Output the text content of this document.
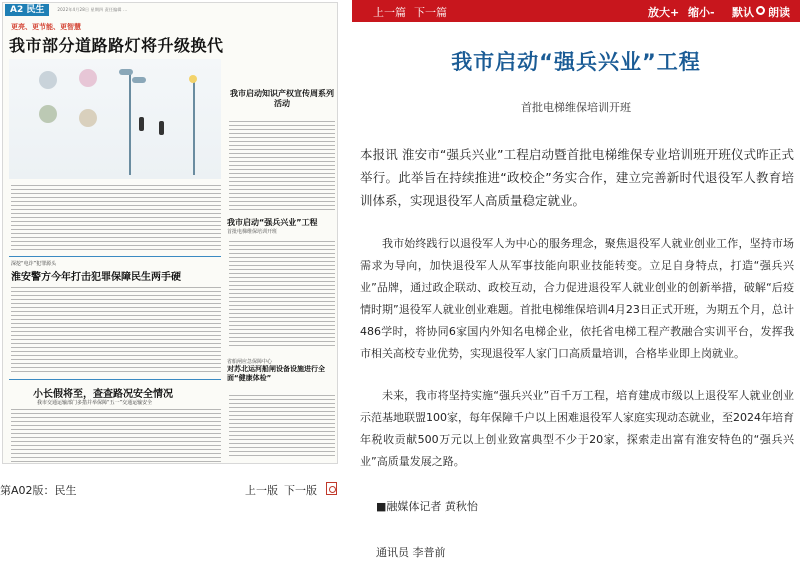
A2 民生	2022年4月28日 星期四 责任编辑 ...
更亮、更节能、更智慧
我市部分道路路灯将升级换代
我市启动知识产权宣传周系列活动
我市启动“强兵兴业”工程
首批电梯维保培训开班
深挖“电诈”犯罪源头
淮安警方今年打击犯罪保障民生两手硬
小长假将至，查查路况安全情况
我市交通运输部门多措并举保障“五一”交通运输安全
省船闸应急保障中心
对苏北运河船闸设备设施进行全面“健康体检”
第A02版：民生	上一版 下一版
上一篇 下一篇	放大+ 缩小- 默认 朗读
我市启动“强兵兴业”工程
首批电梯维保培训开班

本报讯 淮安市“强兵兴业”工程启动暨首批电梯维保专业培训班开班仪式昨正式举行。此举旨在持续推进“政校企”务实合作，建立完善新时代退役军人教育培训体系，实现退役军人高质量稳定就业。

我市始终践行以退役军人为中心的服务理念，聚焦退役军人就业创业工作，坚持市场需求为导向，加快退役军人从军事技能向职业技能转变。立足自身特点，打造“强兵兴业”品牌，通过政企联动、政校互动，合力促进退役军人就业创业的创新举措，破解“后疫情时期”退役军人就业创业难题。首批电梯维保培训4月23日正式开班，为期五个月，总计486学时，将协同6家国内外知名电梯企业，依托省电梯工程产教融合实训平台，发挥我市相关高校专业优势，实现退役军人家门口高质量培训，合格毕业即上岗就业。

未来，我市将坚持实施“强兵兴业”百千万工程，培育建成市级以上退役军人就业创业示范基地联盟100家，每年保障千户以上困难退役军人家庭实现动态就业，至2024年培育年税收贡献500万元以上创业致富典型不少于20家，探索走出富有淮安特色的“强兵兴业”高质量发展之路。

■融媒体记者 黄秋怡
通讯员 李普前
